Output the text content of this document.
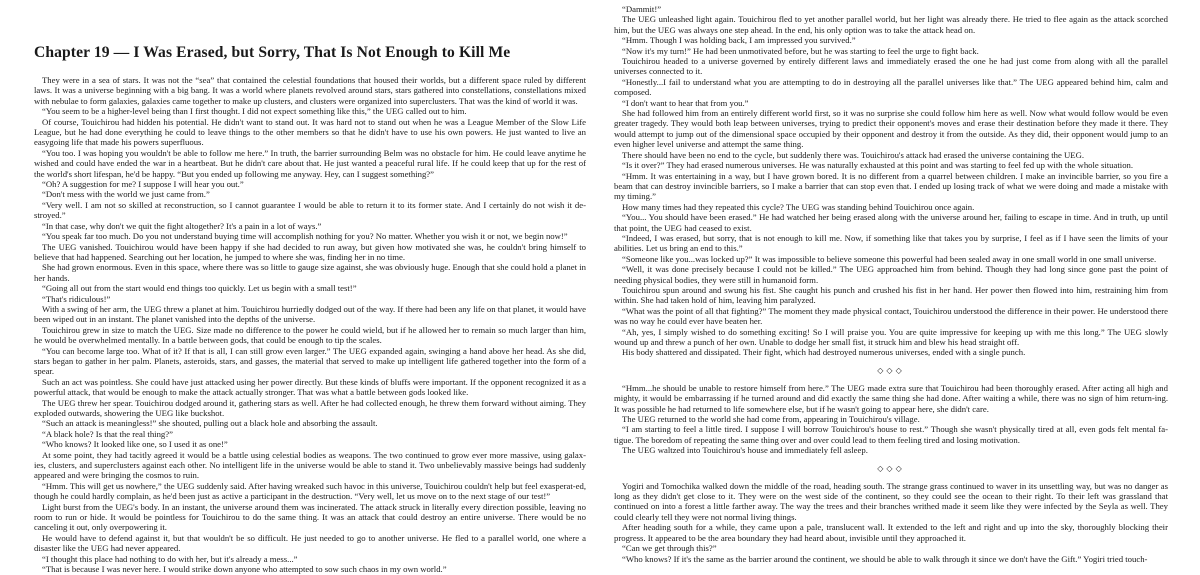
Chapter 19 — I Was Erased, but Sorry, That Is Not Enough to Kill Me

They were in a sea of stars. It was not the “sea” that contained the celestial foundations that housed their worlds, but a different space ruled by different laws. It was a universe beginning with a big bang. It was a world where planets revolved around stars, stars gathered into constellations, constellations mixed with nebulae to form galaxies, galaxies came together to make up clusters, and clusters were organized into superclusters. That was the kind of world it was.

“You seem to be a higher-level being than I first thought. I did not expect something like this,” the UEG called out to him.

Of course, Touichirou had hidden his potential. He didn't want to stand out. It was hard not to stand out when he was a League Member of the Slow Life League, but he had done everything he could to leave things to the other members so that he didn't have to use his own powers. He just wanted to live an easygoing life that made his powers superfluous.

“You too. I was hoping you wouldn't be able to follow me here.” In truth, the barrier surrounding Belm was no obstacle for him. He could leave anytime he wished and could have ended the war in a heartbeat. But he didn't care about that. He just wanted a peaceful rural life. If he could keep that up for the rest of the world's short lifespan, he'd be happy. “But you ended up following me anyway. Hey, can I suggest something?”

“Oh? A suggestion for me? I suppose I will hear you out.”

“Don't mess with the world we just came from.”

“Very well. I am not so skilled at reconstruction, so I cannot guarantee I would be able to return it to its former state. And I certainly do not wish it de-stroyed.”

“In that case, why don't we quit the fight altogether? It's a pain in a lot of ways.”

“You speak far too much. Do you not understand buying time will accomplish nothing for you? No matter. Whether you wish it or not, we begin now!”

The UEG vanished. Touichirou would have been happy if she had decided to run away, but given how motivated she was, he couldn't bring himself to believe that had happened. Searching out her location, he jumped to where she was, finding her in no time.

She had grown enormous. Even in this space, where there was so little to gauge size against, she was obviously huge. Enough that she could hold a planet in her hands.

“Going all out from the start would end things too quickly. Let us begin with a small test!”

“That's ridiculous!”

With a swing of her arm, the UEG threw a planet at him. Touichirou hurriedly dodged out of the way. If there had been any life on that planet, it would have been wiped out in an instant. The planet vanished into the depths of the universe.

Touichirou grew in size to match the UEG. Size made no difference to the power he could wield, but if he allowed her to remain so much larger than him, he would be overwhelmed mentally. In a battle between gods, that could be enough to tip the scales.

“You can become large too. What of it? If that is all, I can still grow even larger.” The UEG expanded again, swinging a hand above her head. As she did, stars began to gather in her palm. Planets, asteroids, stars, and gasses, the material that served to make up intelligent life gathered together into the form of a spear.

Such an act was pointless. She could have just attacked using her power directly. But these kinds of bluffs were important. If the opponent recognized it as a powerful attack, that would be enough to make the attack actually stronger. That was what a battle between gods looked like.

The UEG threw her spear. Touichirou dodged around it, gathering stars as well. After he had collected enough, he threw them forward without aiming. They exploded outwards, showering the UEG like buckshot.

“Such an attack is meaningless!” she shouted, pulling out a black hole and absorbing the assault.

“A black hole? Is that the real thing?”

“Who knows? It looked like one, so I used it as one!”

At some point, they had tacitly agreed it would be a battle using celestial bodies as weapons. The two continued to grow ever more massive, using galax-ies, clusters, and superclusters against each other. No intelligent life in the universe would be able to stand it. Two unbelievably massive beings had suddenly appeared and were bringing the cosmos to ruin.

“Hmm. This will get us nowhere,” the UEG suddenly said. After having wreaked such havoc in this universe, Touichirou couldn't help but feel exasperat-ed, though he could hardly complain, as he'd been just as active a participant in the destruction. “Very well, let us move on to the next stage of our test!”

Light burst from the UEG's body. In an instant, the universe around them was incinerated. The attack struck in literally every direction possible, leaving no room to run or hide. It would be pointless for Touichirou to do the same thing. It was an attack that could destroy an entire universe. There would be no canceling it out, only overpowering it.

He would have to defend against it, but that wouldn't be so difficult. He just needed to go to another universe. He fled to a parallel world, one where a disaster like the UEG had never appeared.

“I thought this place had nothing to do with her, but it's already a mess...”

“That is because I was never here. I would strike down anyone who attempted to sow such chaos in my own world.”

“Dammit!”

The UEG unleashed light again. Touichirou fled to yet another parallel world, but her light was already there. He tried to flee again as the attack scorched him, but the UEG was always one step ahead. In the end, his only option was to take the attack head on.

“Hmm. Though I was holding back, I am impressed you survived.”

“Now it's my turn!” He had been unmotivated before, but he was starting to feel the urge to fight back.

Touichirou headed to a universe governed by entirely different laws and immediately erased the one he had just come from along with all the parallel universes connected to it.

“Honestly...I fail to understand what you are attempting to do in destroying all the parallel universes like that.” The UEG appeared behind him, calm and composed.

“I don't want to hear that from you.”

She had followed him from an entirely different world first, so it was no surprise she could follow him here as well. Now what would follow would be even greater tragedy. They would both leap between universes, trying to predict their opponent's moves and erase their destination before they made it there. They would attempt to jump out of the dimensional space occupied by their opponent and destroy it from the outside. As they did, their opponent would jump to an even higher level universe and attempt the same thing.

There should have been no end to the cycle, but suddenly there was. Touichirou's attack had erased the universe containing the UEG.

“Is it over?” They had erased numerous universes. He was naturally exhausted at this point and was starting to feel fed up with the whole situation.

“Hmm. It was entertaining in a way, but I have grown bored. It is no different from a quarrel between children. I make an invincible barrier, so you fire a beam that can destroy invincible barriers, so I make a barrier that can stop even that. I ended up losing track of what we were doing and made a mistake with my timing.”

How many times had they repeated this cycle? The UEG was standing behind Touichirou once again.

“You... You should have been erased.” He had watched her being erased along with the universe around her, failing to escape in time. And in truth, up until that point, the UEG had ceased to exist.

“Indeed, I was erased, but sorry, that is not enough to kill me. Now, if something like that takes you by surprise, I feel as if I have seen the limits of your abilities. Let us bring an end to this.”

“Someone like you...was locked up?” It was impossible to believe someone this powerful had been sealed away in one small world in one small universe.

“Well, it was done precisely because I could not be killed.” The UEG approached him from behind. Though they had long since gone past the point of needing physical bodies, they were still in humanoid form.

Touichirou spun around and swung his fist. She caught his punch and crushed his fist in her hand. Her power then flowed into him, restraining him from within. She had taken hold of him, leaving him paralyzed.

“What was the point of all that fighting?” The moment they made physical contact, Touichirou understood the difference in their power. He understood there was no way he could ever have beaten her.

“Ah, yes, I simply wished to do something exciting! So I will praise you. You are quite impressive for keeping up with me this long.” The UEG slowly wound up and threw a punch of her own. Unable to dodge her small fist, it struck him and blew his head straight off.

His body shattered and dissipated. Their fight, which had destroyed numerous universes, ended with a single punch.

◇◇◇

“Hmm...he should be unable to restore himself from here.” The UEG made extra sure that Touichirou had been thoroughly erased. After acting all high and mighty, it would be embarrassing if he turned around and did exactly the same thing she had done. After waiting a while, there was no sign of him return-ing. It was possible he had returned to life somewhere else, but if he wasn't going to appear here, she didn't care.

The UEG returned to the world she had come from, appearing in Touichirou's village.

“I am starting to feel a little tired. I suppose I will borrow Touichirou's house to rest.” Though she wasn't physically tired at all, even gods felt mental fa-tigue. The boredom of repeating the same thing over and over could lead to them feeling tired and losing motivation.

The UEG waltzed into Touichirou's house and immediately fell asleep.

◇◇◇

Yogiri and Tomochika walked down the middle of the road, heading south. The strange grass continued to waver in its unsettling way, but was no danger as long as they didn't get close to it. They were on the west side of the continent, so they could see the ocean to their right. To their left was grassland that continued on into a forest a little farther away. The way the trees and their branches writhed made it seem like they were infected by the Seyla as well. They could clearly tell they were not normal living things.

After heading south for a while, they came upon a pale, translucent wall. It extended to the left and right and up into the sky, thoroughly blocking their progress. It appeared to be the area boundary they had heard about, invisible until they approached it.

“Can we get through this?”

“Who knows? If it's the same as the barrier around the continent, we should be able to walk through it since we don't have the Gift.” Yogiri tried touch-
